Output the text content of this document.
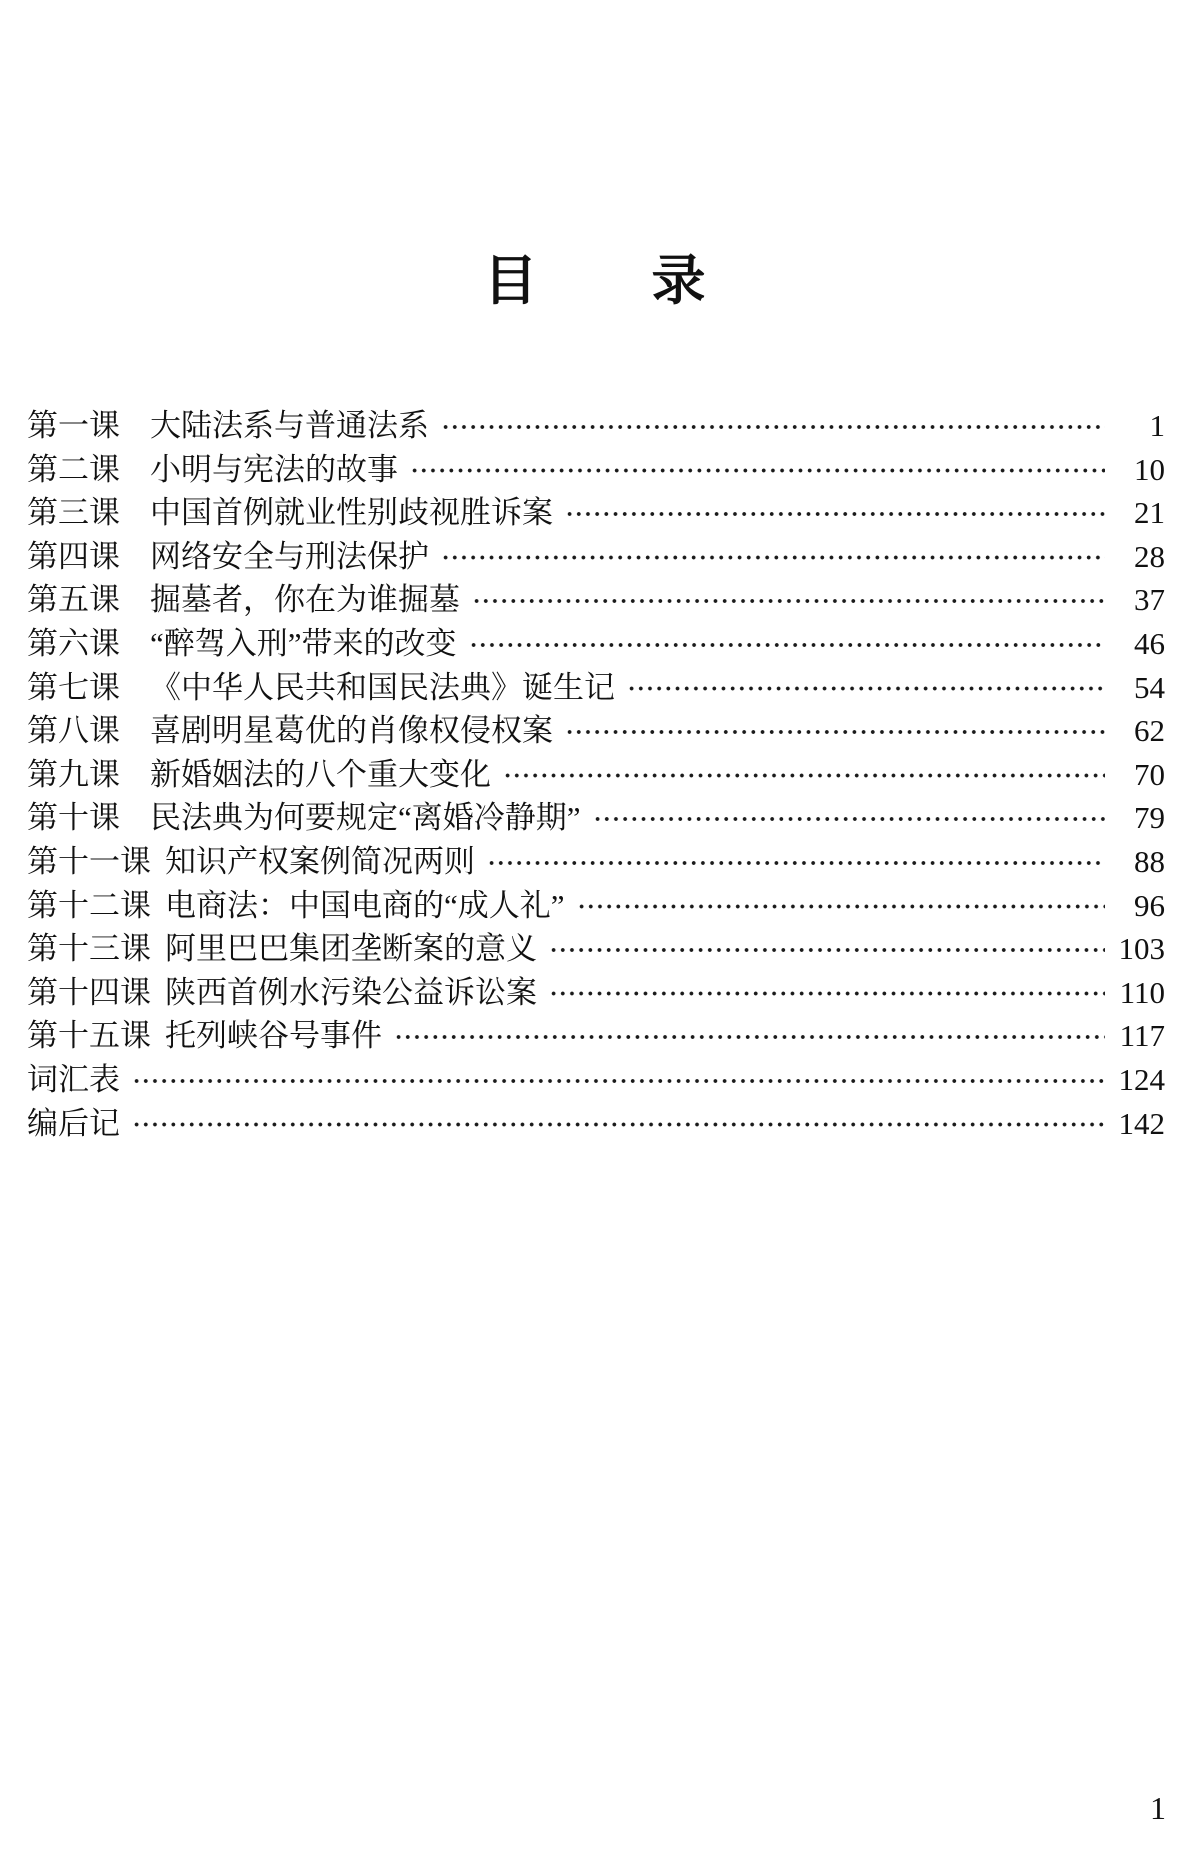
目　　录
第一课 大陆法系与普通法系	1
第二课 小明与宪法的故事	10
第三课 中国首例就业性别歧视胜诉案	21
第四课 网络安全与刑法保护	28
第五课 掘墓者，你在为谁掘墓	37
第六课 “醉驾入刑”带来的改变	46
第七课 《中华人民共和国民法典》诞生记	54
第八课 喜剧明星葛优的肖像权侵权案	62
第九课 新婚姻法的八个重大变化	70
第十课 民法典为何要规定“离婚冷静期”	79
第十一课 知识产权案例简况两则	88
第十二课 电商法：中国电商的“成人礼”	96
第十三课 阿里巴巴集团垄断案的意义	103
第十四课 陕西首例水污染公益诉讼案	110
第十五课 托列峡谷号事件	117
词汇表	124
编后记	142
1
